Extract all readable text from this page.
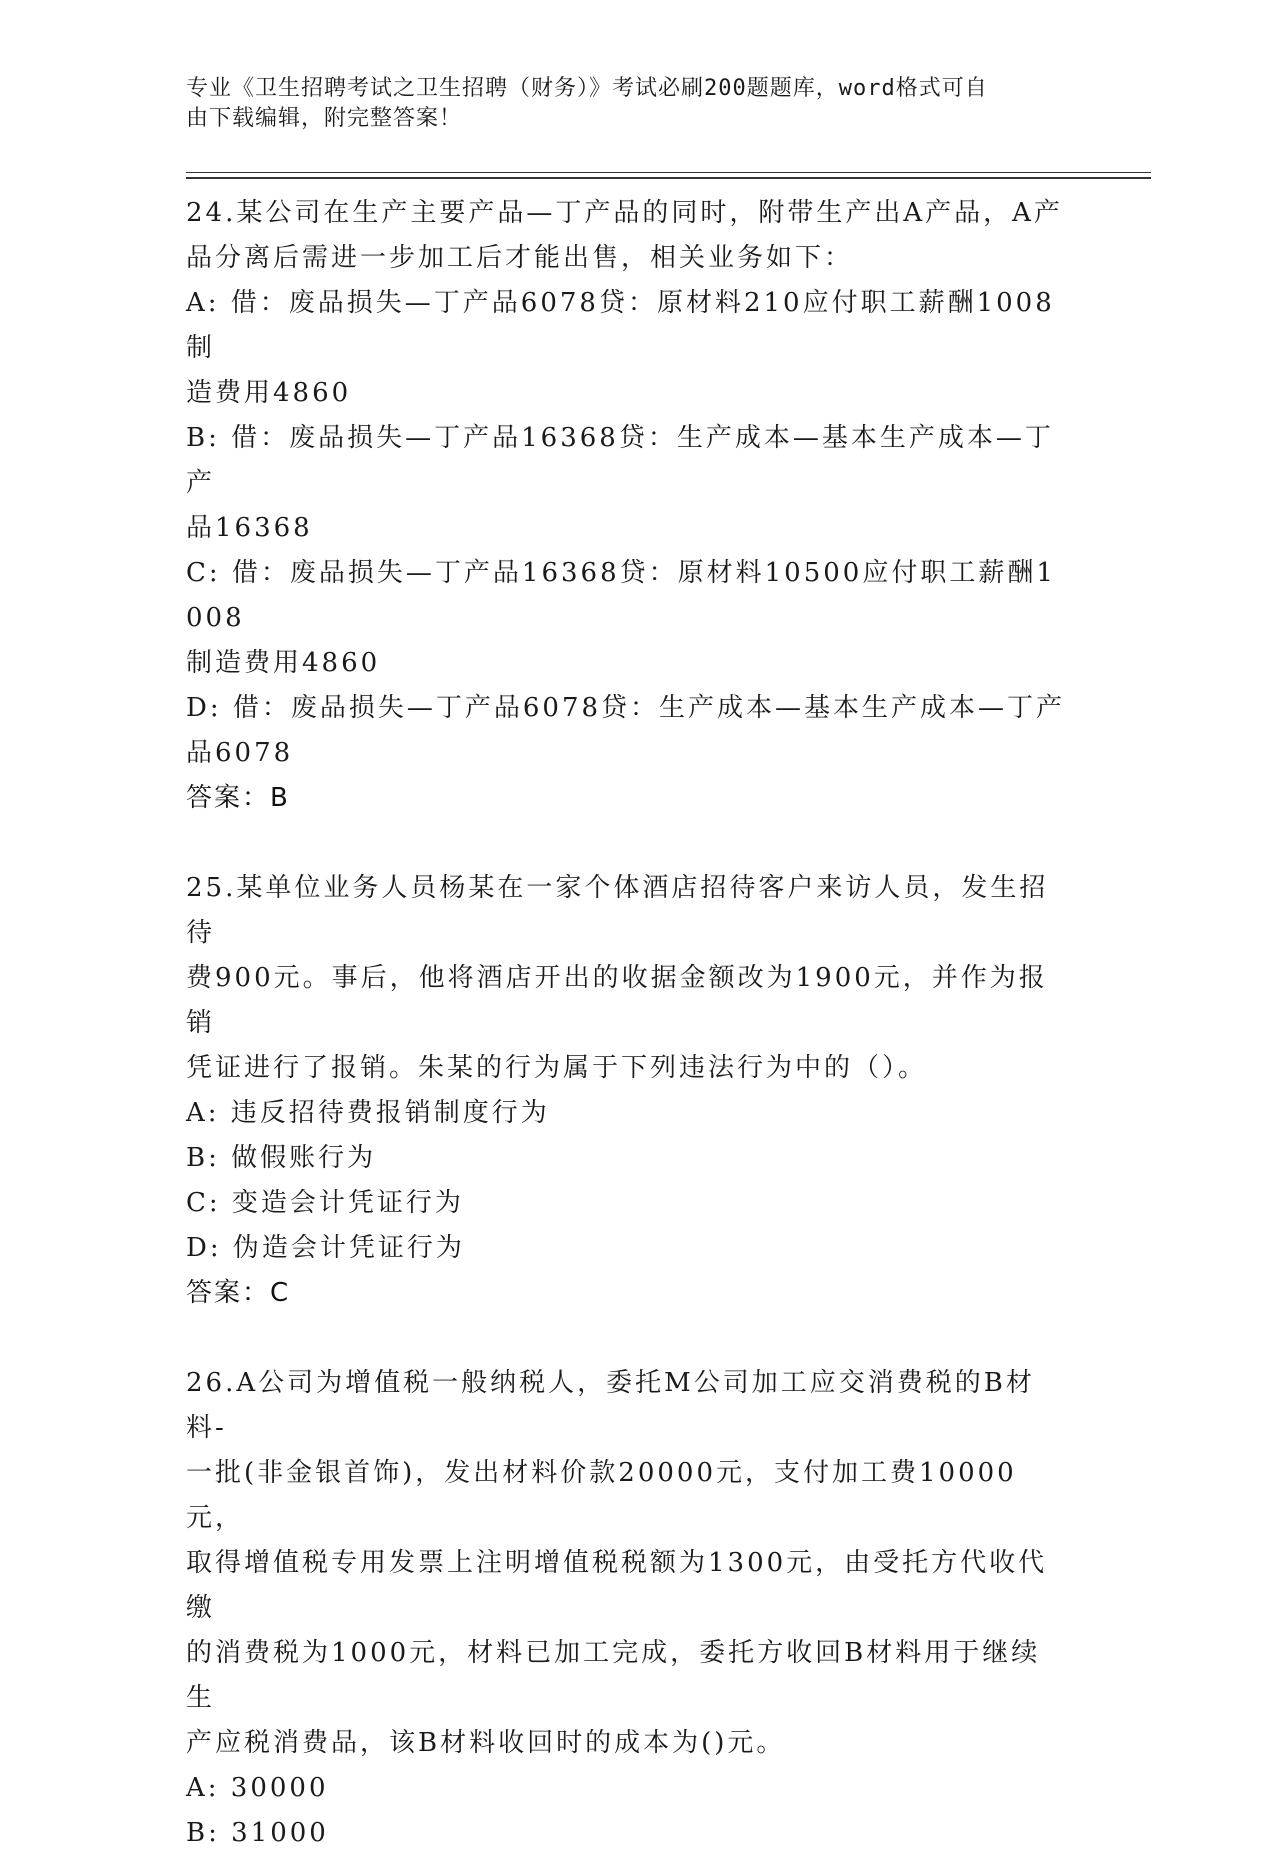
专业《卫生招聘考试之卫生招聘（财务）》考试必刷200题题库，word格式可自
由下载编辑，附完整答案！
24.某公司在生产主要产品—丁产品的同时，附带生产出A产品，A产
品分离后需进一步加工后才能出售，相关业务如下：
A: 借：废品损失—丁产品6078贷：原材料210应付职工薪酬1008制
造费用4860
B: 借：废品损失—丁产品16368贷：生产成本—基本生产成本—丁产
品16368
C: 借：废品损失—丁产品16368贷：原材料10500应付职工薪酬1008
制造费用4860
D: 借：废品损失—丁产品6078贷：生产成本—基本生产成本—丁产
品6078
答案：B
25.某单位业务人员杨某在一家个体酒店招待客户来访人员，发生招待
费900元。事后，他将酒店开出的收据金额改为1900元，并作为报销
凭证进行了报销。朱某的行为属于下列违法行为中的（）。
A: 违反招待费报销制度行为
B: 做假账行为
C: 变造会计凭证行为
D: 伪造会计凭证行为
答案：C
26.A公司为增值税一般纳税人，委托M公司加工应交消费税的B材料-
一批(非金银首饰)，发出材料价款20000元，支付加工费10000元，
取得增值税专用发票上注明增值税税额为1300元，由受托方代收代缴
的消费税为1000元，材料已加工完成，委托方收回B材料用于继续生
产应税消费品，该B材料收回时的成本为()元。
A: 30000
B: 31000
